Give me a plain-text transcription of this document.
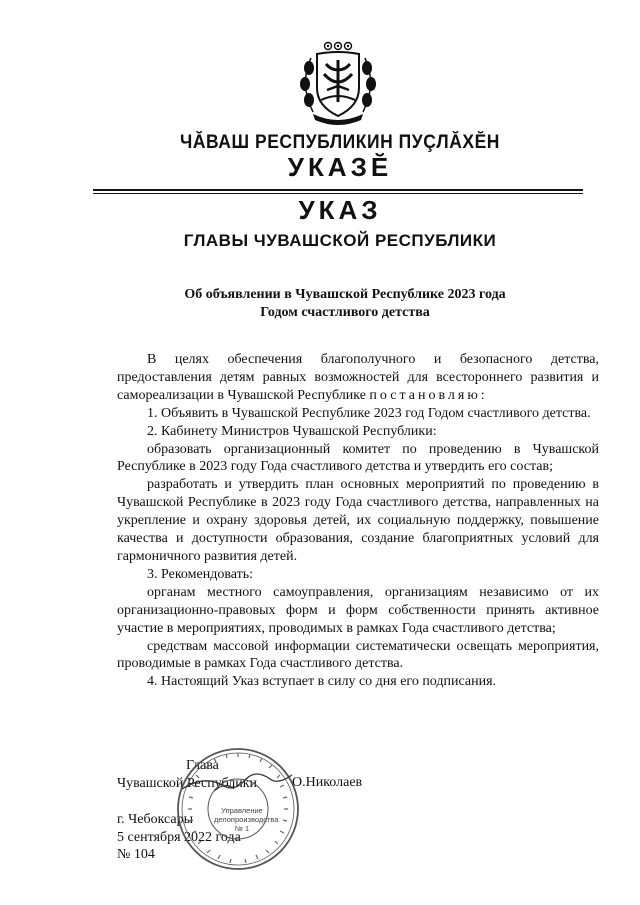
ЧĂВАШ РЕСПУБЛИКИН ПУÇЛĂХĔН
УКАЗĔ
УКАЗ
ГЛАВЫ ЧУВАШСКОЙ РЕСПУБЛИКИ
Об объявлении в Чувашской Республике 2023 года
Годом счастливого детства

В целях обеспечения благополучного и безопасного детства, предоставления детям равных возможностей для всестороннего развития и самореализации в Чувашской Республике постановляю:

1. Объявить в Чувашской Республике 2023 год Годом счастливого детства.

2. Кабинету Министров Чувашской Республики:

образовать организационный комитет по проведению в Чувашской Республике в 2023 году Года счастливого детства и утвердить его состав;

разработать и утвердить план основных мероприятий по проведению в Чувашской Республике в 2023 году Года счастливого детства, направленных на укрепление и охрану здоровья детей, их социальную поддержку, повышение качества и доступности образования, создание благоприятных условий для гармоничного развития детей.

3. Рекомендовать:

органам местного самоуправления, организациям независимо от их организационно-правовых форм и форм собственности принять активное участие в мероприятиях, проводимых в рамках Года счастливого детства;

средствам массовой информации систематически освещать мероприятия, проводимые в рамках Года счастливого детства.

4. Настоящий Указ вступает в силу со дня его подписания.

Глава
Чувашской Республики О.Николаев
г. Чебоксары
5 сентября 2022 года
№ 104
Управление делопроизводства
№ 1
